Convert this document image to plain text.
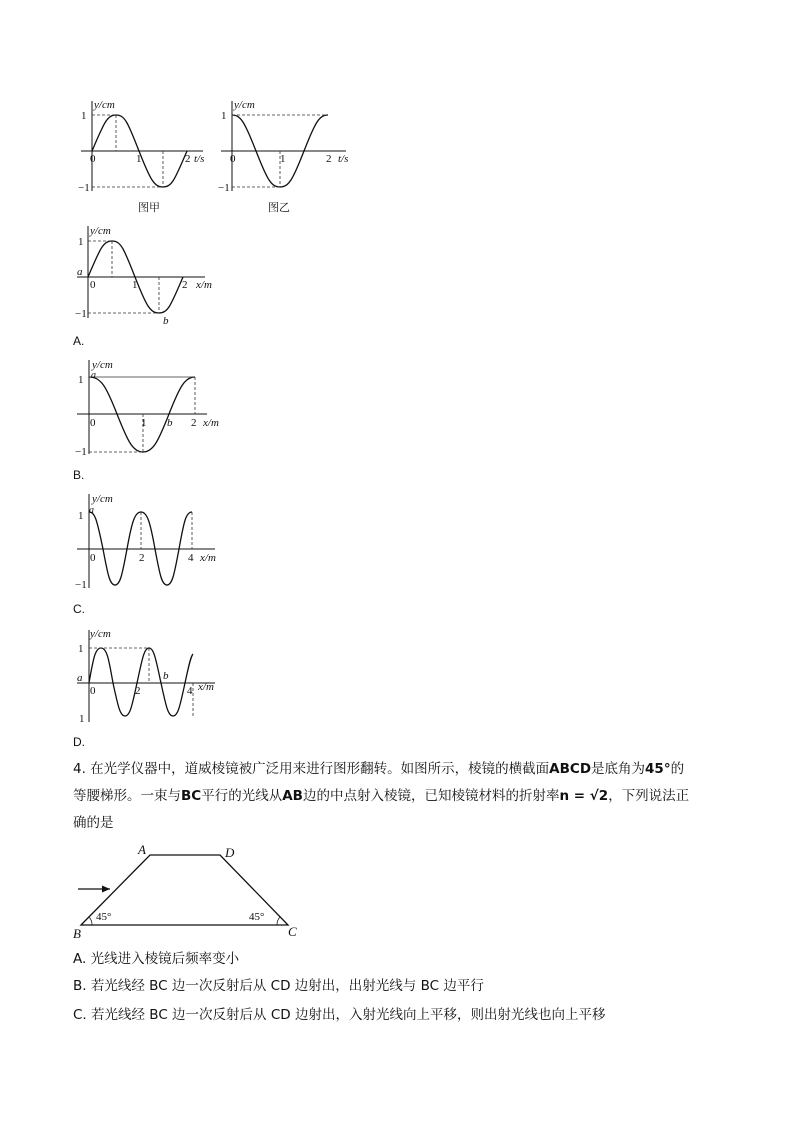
y/cm
1
−1
0	1	2 t/s
图甲
y/cm
1
−1
0	1	2 t/s
图乙
y/cm
1
−1
a
0	1	2 x/m
b
A.
y/cm
a
1
−1
0	1 b 2 x/m
B.
y/cm
a
1
−1
0	2	4 x/m
C.
y/cm
1
a
0	2
b
4 x/m
1
D.
4. 在光学仪器中，道威棱镜被广泛用来进行图形翻转。如图所示，棱镜的横截面ABCD是底角为45°的
等腰梯形。一束与BC平行的光线从AB边的中点射入棱镜，已知棱镜材料的折射率n = √2，下列说法正
确的是
A	D
B	C
45°	45°
A. 光线进入棱镜后频率变小
B. 若光线经 BC 边一次反射后从 CD 边射出，出射光线与 BC 边平行
C. 若光线经 BC 边一次反射后从 CD 边射出，入射光线向上平移，则出射光线也向上平移
